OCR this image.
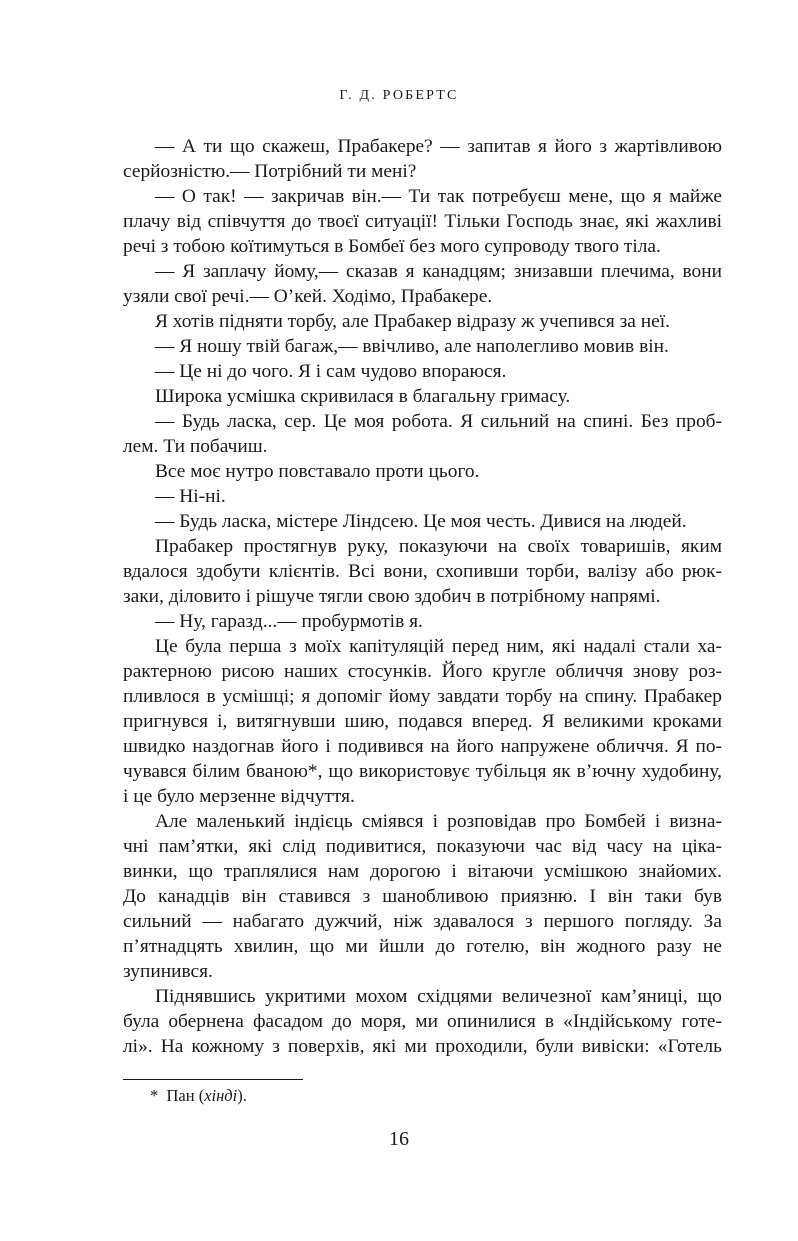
Г. Д. РОБЕРТС
— А ти що скажеш, Прабакере? — запитав я його з жартівливою
серйозністю.— Потрібний ти мені?
— О так! — закричав він.— Ти так потребуєш мене, що я майже
плачу від співчуття до твоєї ситуації! Тільки Господь знає, які жахливі
речі з тобою коїтимуться в Бомбеї без мого супроводу твого тіла.
— Я заплачу йому,— сказав я канадцям; знизавши плечима, вони
узяли свої речі.— О’кей. Ходімо, Прабакере.
Я хотів підняти торбу, але Прабакер відразу ж учепився за неї.
— Я ношу твій багаж,— ввічливо, але наполегливо мовив він.
— Це ні до чого. Я і сам чудово впораюся.
Широка усмішка скривилася в благальну гримасу.
— Будь ласка, сер. Це моя робота. Я сильний на спині. Без проб-
лем. Ти побачиш.
Все моє нутро повставало проти цього.
— Ні-ні.
— Будь ласка, містере Ліндсею. Це моя честь. Дивися на людей.
Прабакер простягнув руку, показуючи на своїх товаришів, яким
вдалося здобути клієнтів. Всі вони, схопивши торби, валізу або рюк-
заки, діловито і рішуче тягли свою здобич в потрібному напрямі.
— Ну, гаразд...— пробурмотів я.
Це була перша з моїх капітуляцій перед ним, які надалі стали ха-
рактерною рисою наших стосунків. Його кругле обличчя знову роз-
пливлося в усмішці; я допоміг йому завдати торбу на спину. Прабакер
пригнувся і, витягнувши шию, подався вперед. Я великими кроками
швидко наздогнав його і подивився на його напружене обличчя. Я по-
чувався білим бваною*, що використовує тубільця як в’ючну худобину,
і це було мерзенне відчуття.
Але маленький індієць сміявся і розповідав про Бомбей і визна-
чні пам’ятки, які слід подивитися, показуючи час від часу на ціка-
винки, що траплялися нам дорогою і вітаючи усмішкою знайомих.
До канадців він ставився з шанобливою приязню. І він таки був
сильний — набагато дужчий, ніж здавалося з першого погляду. За
п’ятнадцять хвилин, що ми йшли до готелю, він жодного разу не
зупинився.
Піднявшись укритими мохом східцями величезної кам’яниці, що
була обернена фасадом до моря, ми опинилися в «Індійському готе-
лі». На кожному з поверхів, які ми проходили, були вивіски: «Готель
* Пан (хінді).
16
